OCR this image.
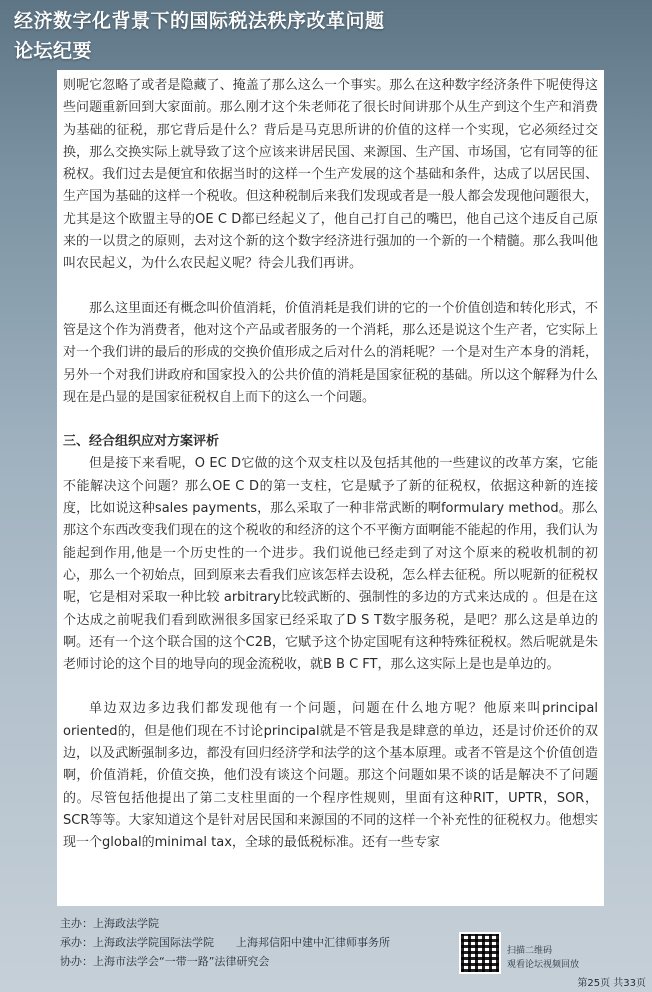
经济数字化背景下的国际税法秩序改革问题
论坛纪要

则呢它忽略了或者是隐藏了、掩盖了那么这么一个事实。那么在这种数字经济条件下呢使得这些问题重新回到大家面前。那么刚才这个朱老师花了很长时间讲那个从生产到这个生产和消费为基础的征税，那它背后是什么？背后是马克思所讲的价值的这样一个实现，它必须经过交换，那么交换实际上就导致了这个应该来讲居民国、来源国、生产国、市场国，它有同等的征税权。我们过去是便宜和依据当时的这样一个生产发展的这个基础和条件，达成了以居民国、生产国为基础的这样一个税收。但这种税制后来我们发现或者是一般人都会发现他问题很大，尤其是这个欧盟主导的OE C D都已经起义了，他自己打自己的嘴巴，他自己这个违反自己原来的一以贯之的原则，去对这个新的这个数字经济进行强加的一个新的一个精髓。那么我叫他叫农民起义，为什么农民起义呢？待会儿我们再讲。

那么这里面还有概念叫价值消耗，价值消耗是我们讲的它的一个价值创造和转化形式，不管是这个作为消费者，他对这个产品或者服务的一个消耗，那么还是说这个生产者，它实际上对一个我们讲的最后的形成的交换价值形成之后对什么的消耗呢？一个是对生产本身的消耗，另外一个对我们讲政府和国家投入的公共价值的消耗是国家征税的基础。所以这个解释为什么现在是凸显的是国家征税权自上而下的这么一个问题。

三、经合组织应对方案评析

但是接下来看呢，O EC D它做的这个双支柱以及包括其他的一些建议的改革方案，它能不能解决这个问题？那么OE C D的第一支柱，它是赋予了新的征税权，依据这种新的连接度，比如说这种sales payments，那么采取了一种非常武断的啊formulary method。那么那这个东西改变我们现在的这个税收的和经济的这个不平衡方面啊能不能起的作用，我们认为能起到作用,他是一个历史性的一个进步。我们说他已经走到了对这个原来的税收机制的初心，那么一个初始点，回到原来去看我们应该怎样去设税，怎么样去征税。所以呢新的征税权呢，它是相对采取一种比较 arbitrary比较武断的、强制性的多边的方式来达成的 。但是在这个达成之前呢我们看到欧洲很多国家已经采取了D S T数字服务税，是吧？那么这是单边的啊。还有一个这个联合国的这个C2B，它赋予这个协定国呢有这种特殊征税权。然后呢就是朱老师讨论的这个目的地导向的现金流税收，就B B C FT，那么这实际上是也是单边的。

单边双边多边我们都发现他有一个问题，问题在什么地方呢？他原来叫principal oriented的，但是他们现在不讨论principal就是不管是我是肆意的单边，还是讨价还价的双边，以及武断强制多边，都没有回归经济学和法学的这个基本原理。或者不管是这个价值创造啊，价值消耗，价值交换，他们没有谈这个问题。那这个问题如果不谈的话是解决不了问题的。尽管包括他提出了第二支柱里面的一个程序性规则，里面有这种RIT，UPTR，SOR，SCR等等。大家知道这个是针对居民国和来源国的不同的这样一个补充性的征税权力。他想实现一个global的minimal tax，全球的最低税标准。还有一些专家

主办：上海政法学院
承办：上海政法学院国际法学院 上海邦信阳中建中汇律师事务所
协办：上海市法学会“一带一路”法律研究会
扫描二维码
观看论坛视频回放
第25页 共33页
